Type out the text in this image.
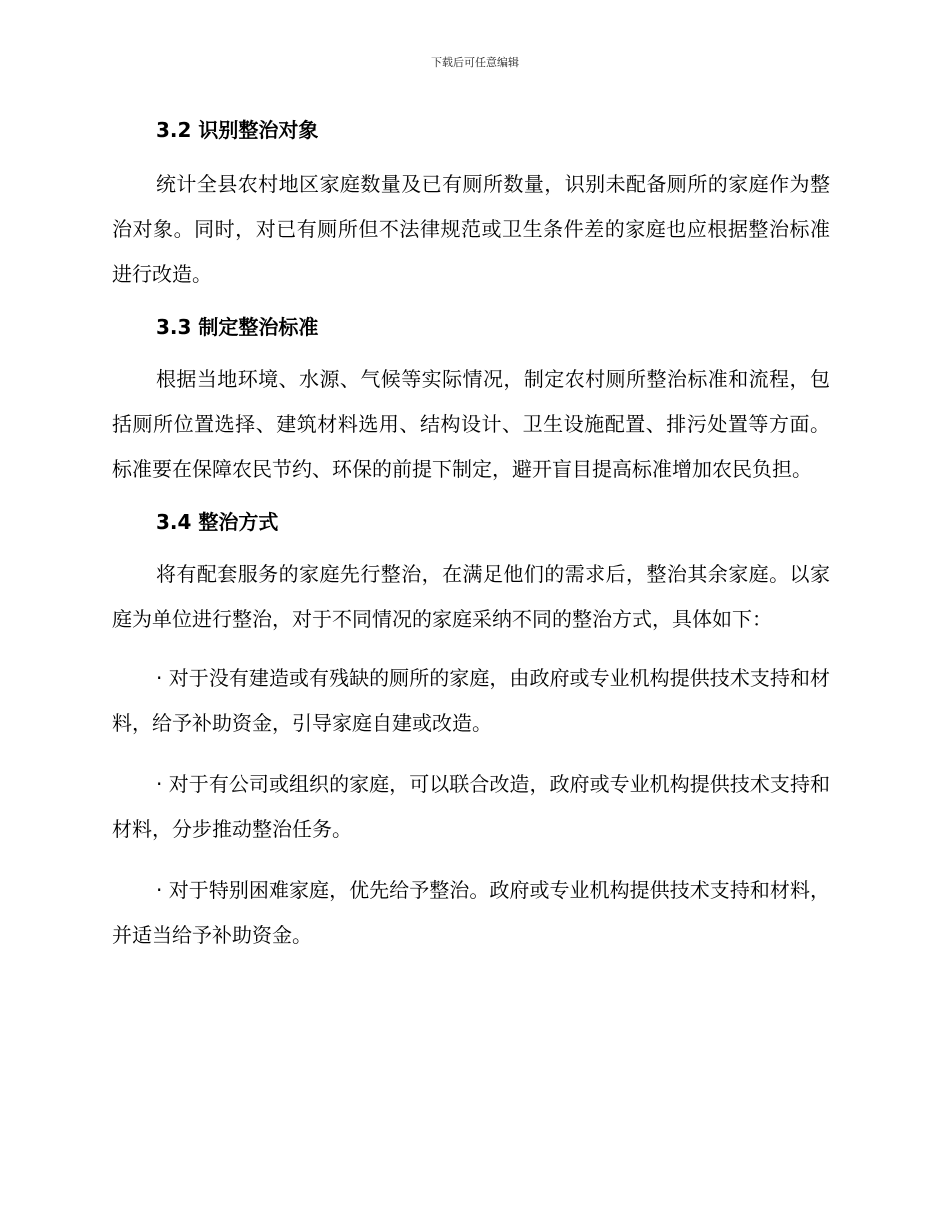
下载后可任意编辑
3.2 识别整治对象

统计全县农村地区家庭数量及已有厕所数量，识别未配备厕所的家庭作为整治对象。同时，对已有厕所但不法律规范或卫生条件差的家庭也应根据整治标准进行改造。

3.3 制定整治标准

根据当地环境、水源、气候等实际情况，制定农村厕所整治标准和流程，包括厕所位置选择、建筑材料选用、结构设计、卫生设施配置、排污处置等方面。标准要在保障农民节约、环保的前提下制定，避开盲目提高标准增加农民负担。

3.4 整治方式

将有配套服务的家庭先行整治，在满足他们的需求后，整治其余家庭。以家庭为单位进行整治，对于不同情况的家庭采纳不同的整治方式，具体如下：

· 对于没有建造或有残缺的厕所的家庭，由政府或专业机构提供技术支持和材料，给予补助资金，引导家庭自建或改造。

· 对于有公司或组织的家庭，可以联合改造，政府或专业机构提供技术支持和材料，分步推动整治任务。

· 对于特别困难家庭，优先给予整治。政府或专业机构提供技术支持和材料，并适当给予补助资金。
